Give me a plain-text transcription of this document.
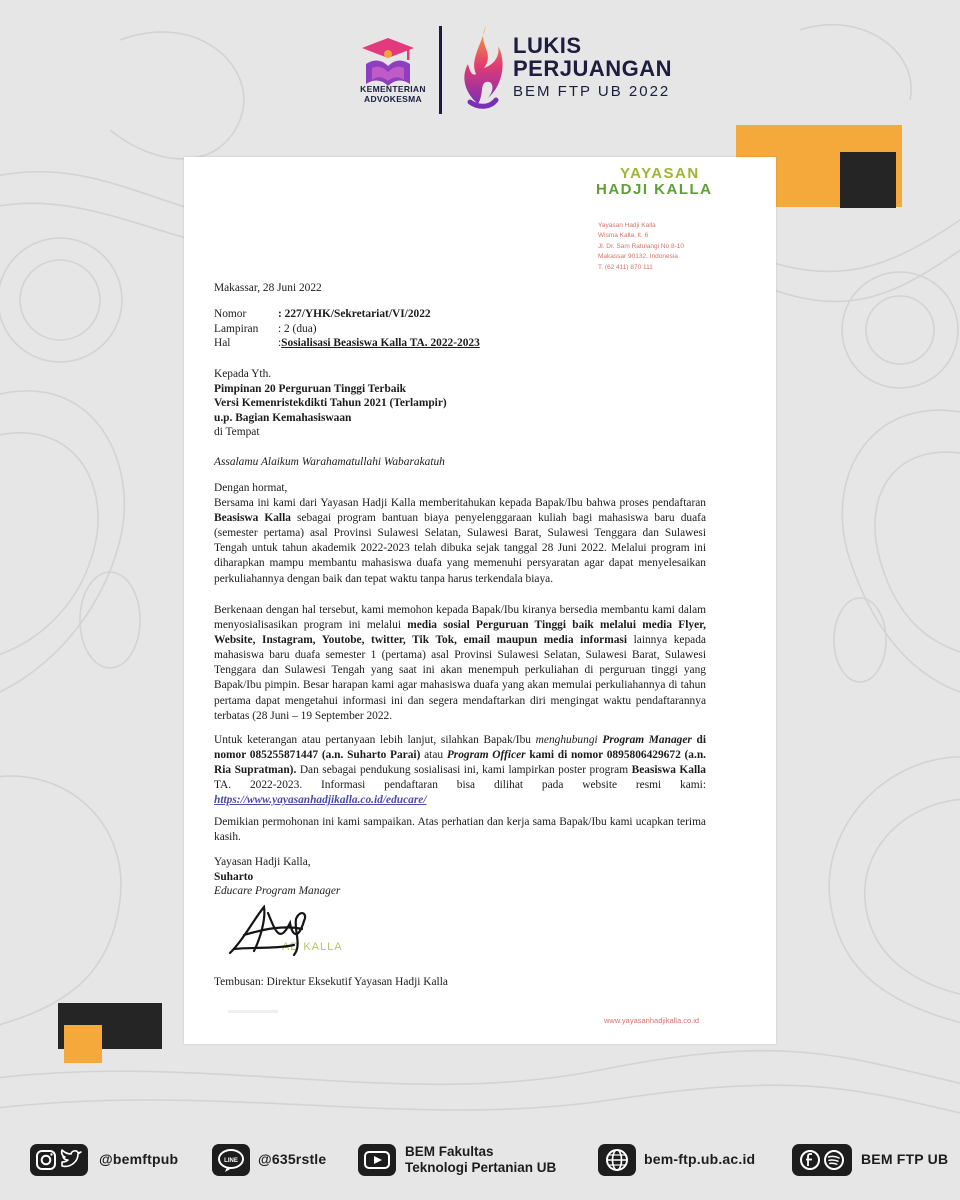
KEMENTERIAN
ADVOKESMA
LUKIS
PERJUANGAN
BEM FTP UB 2022
YAYASAN
HADJI KALLA
Yayasan Hadji Kalla
Wisma Kalla, lt. 6
Jl. Dr. Sam Ratulangi No 8-10
Makassar 90132, Indonesia
T. (62 411) 870 111
Makassar, 28 Juni 2022
Nomor	: 227/YHK/Sekretariat/VI/2022
Lampiran	: 2 (dua)
Hal	: Sosialisasi Beasiswa Kalla TA. 2022-2023
Kepada Yth.
Pimpinan 20 Perguruan Tinggi Terbaik
Versi Kemenristekdikti Tahun 2021 (Terlampir)
u.p. Bagian Kemahasiswaan
di Tempat
Assalamu Alaikum Warahamatullahi Wabarakatuh
Dengan hormat,
Bersama ini kami dari Yayasan Hadji Kalla memberitahukan kepada Bapak/Ibu bahwa proses pendaftaran Beasiswa Kalla sebagai program bantuan biaya penyelenggaraan kuliah bagi mahasiswa baru duafa (semester pertama) asal Provinsi Sulawesi Selatan, Sulawesi Barat, Sulawesi Tenggara dan Sulawesi Tengah untuk tahun akademik 2022-2023 telah dibuka sejak tanggal 28 Juni 2022. Melalui program ini diharapkan mampu membantu mahasiswa duafa yang memenuhi persyaratan agar dapat menyelesaikan perkuliahannya dengan baik dan tepat waktu tanpa harus terkendala biaya.
Berkenaan dengan hal tersebut, kami memohon kepada Bapak/Ibu kiranya bersedia membantu kami dalam menyosialisasikan program ini melalui media sosial Perguruan Tinggi baik melalui media Flyer, Website, Instagram, Youtobe, twitter, Tik Tok, email maupun media informasi lainnya kepada mahasiswa baru duafa semester 1 (pertama) asal Provinsi Sulawesi Selatan, Sulawesi Barat, Sulawesi Tenggara dan Sulawesi Tengah yang saat ini akan menempuh perkuliahan di perguruan tinggi yang Bapak/Ibu pimpin. Besar harapan kami agar mahasiswa duafa yang akan memulai perkuliahannya di tahun pertama dapat mengetahui informasi ini dan segera mendaftarkan diri mengingat waktu pendaftarannya terbatas (28 Juni – 19 September 2022.
Untuk keterangan atau pertanyaan lebih lanjut, silahkan Bapak/Ibu menghubungi Program Manager di nomor 085255871447 (a.n. Suharto Parai) atau Program Officer kami di nomor 0895806429672 (a.n. Ria Supratman). Dan sebagai pendukung sosialisasi ini, kami lampirkan poster program Beasiswa Kalla TA. 2022-2023. Informasi pendaftaran bisa dilihat pada website resmi kami: https://www.yayasanhadjikalla.co.id/educare/
Demikian permohonan ini kami sampaikan. Atas perhatian dan kerja sama Bapak/Ibu kami ucapkan terima kasih.
Yayasan Hadji Kalla,
Suharto
Educare Program Manager
AD KALLA
Tembusan: Direktur Eksekutif Yayasan Hadji Kalla
www.yayasanhadjikalla.co.id
@bemftpub	LINE @635rstle	BEM Fakultas
Teknologi Pertanian UB
bem-ftp.ub.ac.id	BEM FTP UB
